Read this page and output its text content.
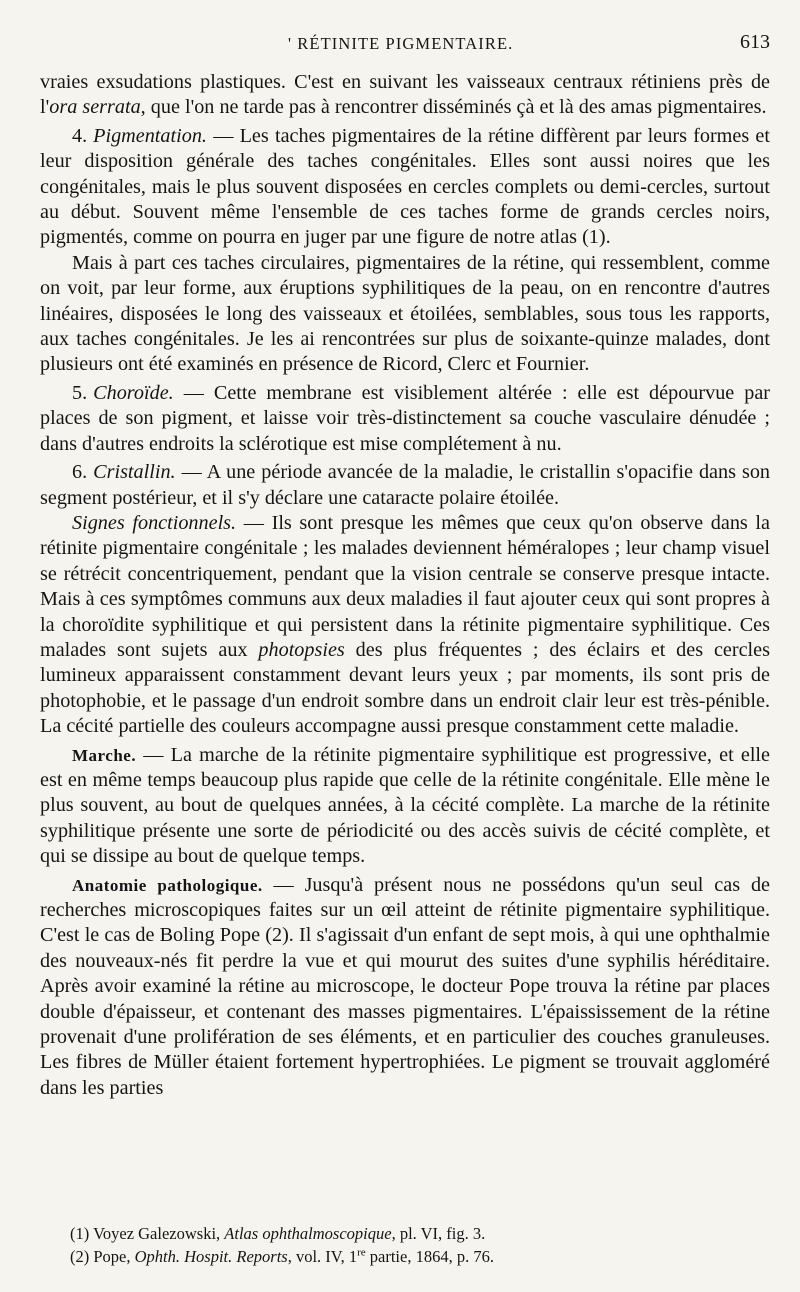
' RÉTINITE PIGMENTAIRE.	613

vraies exsudations plastiques. C'est en suivant les vaisseaux centraux rétiniens près de l'ora serrata, que l'on ne tarde pas à rencontrer disséminés çà et là des amas pigmentaires.

4. Pigmentation. — Les taches pigmentaires de la rétine diffèrent par leurs formes et leur disposition générale des taches congénitales. Elles sont aussi noires que les congénitales, mais le plus souvent disposées en cercles complets ou demi-cercles, surtout au début. Souvent même l'ensemble de ces taches forme de grands cercles noirs, pigmentés, comme on pourra en juger par une figure de notre atlas (1).

Mais à part ces taches circulaires, pigmentaires de la rétine, qui ressemblent, comme on voit, par leur forme, aux éruptions syphilitiques de la peau, on en rencontre d'autres linéaires, disposées le long des vaisseaux et étoilées, semblables, sous tous les rapports, aux taches congénitales. Je les ai rencontrées sur plus de soixante-quinze malades, dont plusieurs ont été examinés en présence de Ricord, Clerc et Fournier.

5. Choroïde. — Cette membrane est visiblement altérée : elle est dépourvue par places de son pigment, et laisse voir très-distinctement sa couche vasculaire dénudée ; dans d'autres endroits la sclérotique est mise complétement à nu.

6. Cristallin. — A une période avancée de la maladie, le cristallin s'opacifie dans son segment postérieur, et il s'y déclare une cataracte polaire étoilée.

Signes fonctionnels. — Ils sont presque les mêmes que ceux qu'on observe dans la rétinite pigmentaire congénitale ; les malades deviennent héméralopes ; leur champ visuel se rétrécit concentriquement, pendant que la vision centrale se conserve presque intacte. Mais à ces symptômes communs aux deux maladies il faut ajouter ceux qui sont propres à la choroïdite syphilitique et qui persistent dans la rétinite pigmentaire syphilitique. Ces malades sont sujets aux photopsies des plus fréquentes ; des éclairs et des cercles lumineux apparaissent constamment devant leurs yeux ; par moments, ils sont pris de photophobie, et le passage d'un endroit sombre dans un endroit clair leur est très-pénible. La cécité partielle des couleurs accompagne aussi presque constamment cette maladie.

Marche. — La marche de la rétinite pigmentaire syphilitique est progressive, et elle est en même temps beaucoup plus rapide que celle de la rétinite congénitale. Elle mène le plus souvent, au bout de quelques années, à la cécité complète. La marche de la rétinite syphilitique présente une sorte de périodicité ou des accès suivis de cécité complète, et qui se dissipe au bout de quelque temps.

Anatomie pathologique. — Jusqu'à présent nous ne possédons qu'un seul cas de recherches microscopiques faites sur un œil atteint de rétinite pigmentaire syphilitique. C'est le cas de Boling Pope (2). Il s'agissait d'un enfant de sept mois, à qui une ophthalmie des nouveaux-nés fit perdre la vue et qui mourut des suites d'une syphilis héréditaire. Après avoir examiné la rétine au microscope, le docteur Pope trouva la rétine par places double d'épaisseur, et contenant des masses pigmentaires. L'épaississement de la rétine provenait d'une prolifération de ses éléments, et en particulier des couches granuleuses. Les fibres de Müller étaient fortement hypertrophiées. Le pigment se trouvait aggloméré dans les parties

(1) Voyez Galezowski, Atlas ophthalmoscopique, pl. VI, fig. 3.

(2) Pope, Ophth. Hospit. Reports, vol. IV, 1re partie, 1864, p. 76.
